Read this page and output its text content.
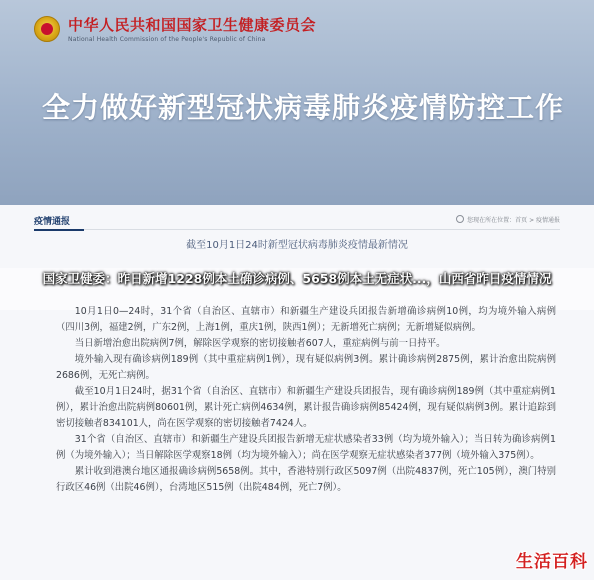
中华人民共和国国家卫生健康委员会
National Health Commission of the People's Republic of China
全力做好新型冠状病毒肺炎疫情防控工作
疫情通报	您现在所在位置：首页 > 疫情通报
截至10月1日24时新型冠状病毒肺炎疫情最新情况
国家卫健委：昨日新增1228例本土确诊病例、5658例本土无症状...，山西省昨日疫情情况

10月1日0—24时，31个省（自治区、直辖市）和新疆生产建设兵团报告新增确诊病例10例，均为境外输入病例（四川3例，福建2例，广东2例，上海1例，重庆1例，陕西1例）；无新增死亡病例；无新增疑似病例。

当日新增治愈出院病例7例，解除医学观察的密切接触者607人，重症病例与前一日持平。

境外输入现有确诊病例189例（其中重症病例1例），现有疑似病例3例。累计确诊病例2875例，累计治愈出院病例2686例，无死亡病例。

截至10月1日24时，据31个省（自治区、直辖市）和新疆生产建设兵团报告，现有确诊病例189例（其中重症病例1例），累计治愈出院病例80601例，累计死亡病例4634例，累计报告确诊病例85424例，现有疑似病例3例。累计追踪到密切接触者834101人，尚在医学观察的密切接触者7424人。

31个省（自治区、直辖市）和新疆生产建设兵团报告新增无症状感染者33例（均为境外输入）；当日转为确诊病例1例（为境外输入）；当日解除医学观察18例（均为境外输入）；尚在医学观察无症状感染者377例（境外输入375例）。

累计收到港澳台地区通报确诊病例5658例。其中，香港特别行政区5097例（出院4837例，死亡105例），澳门特别行政区46例（出院46例），台湾地区515例（出院484例，死亡7例）。

生活百科
